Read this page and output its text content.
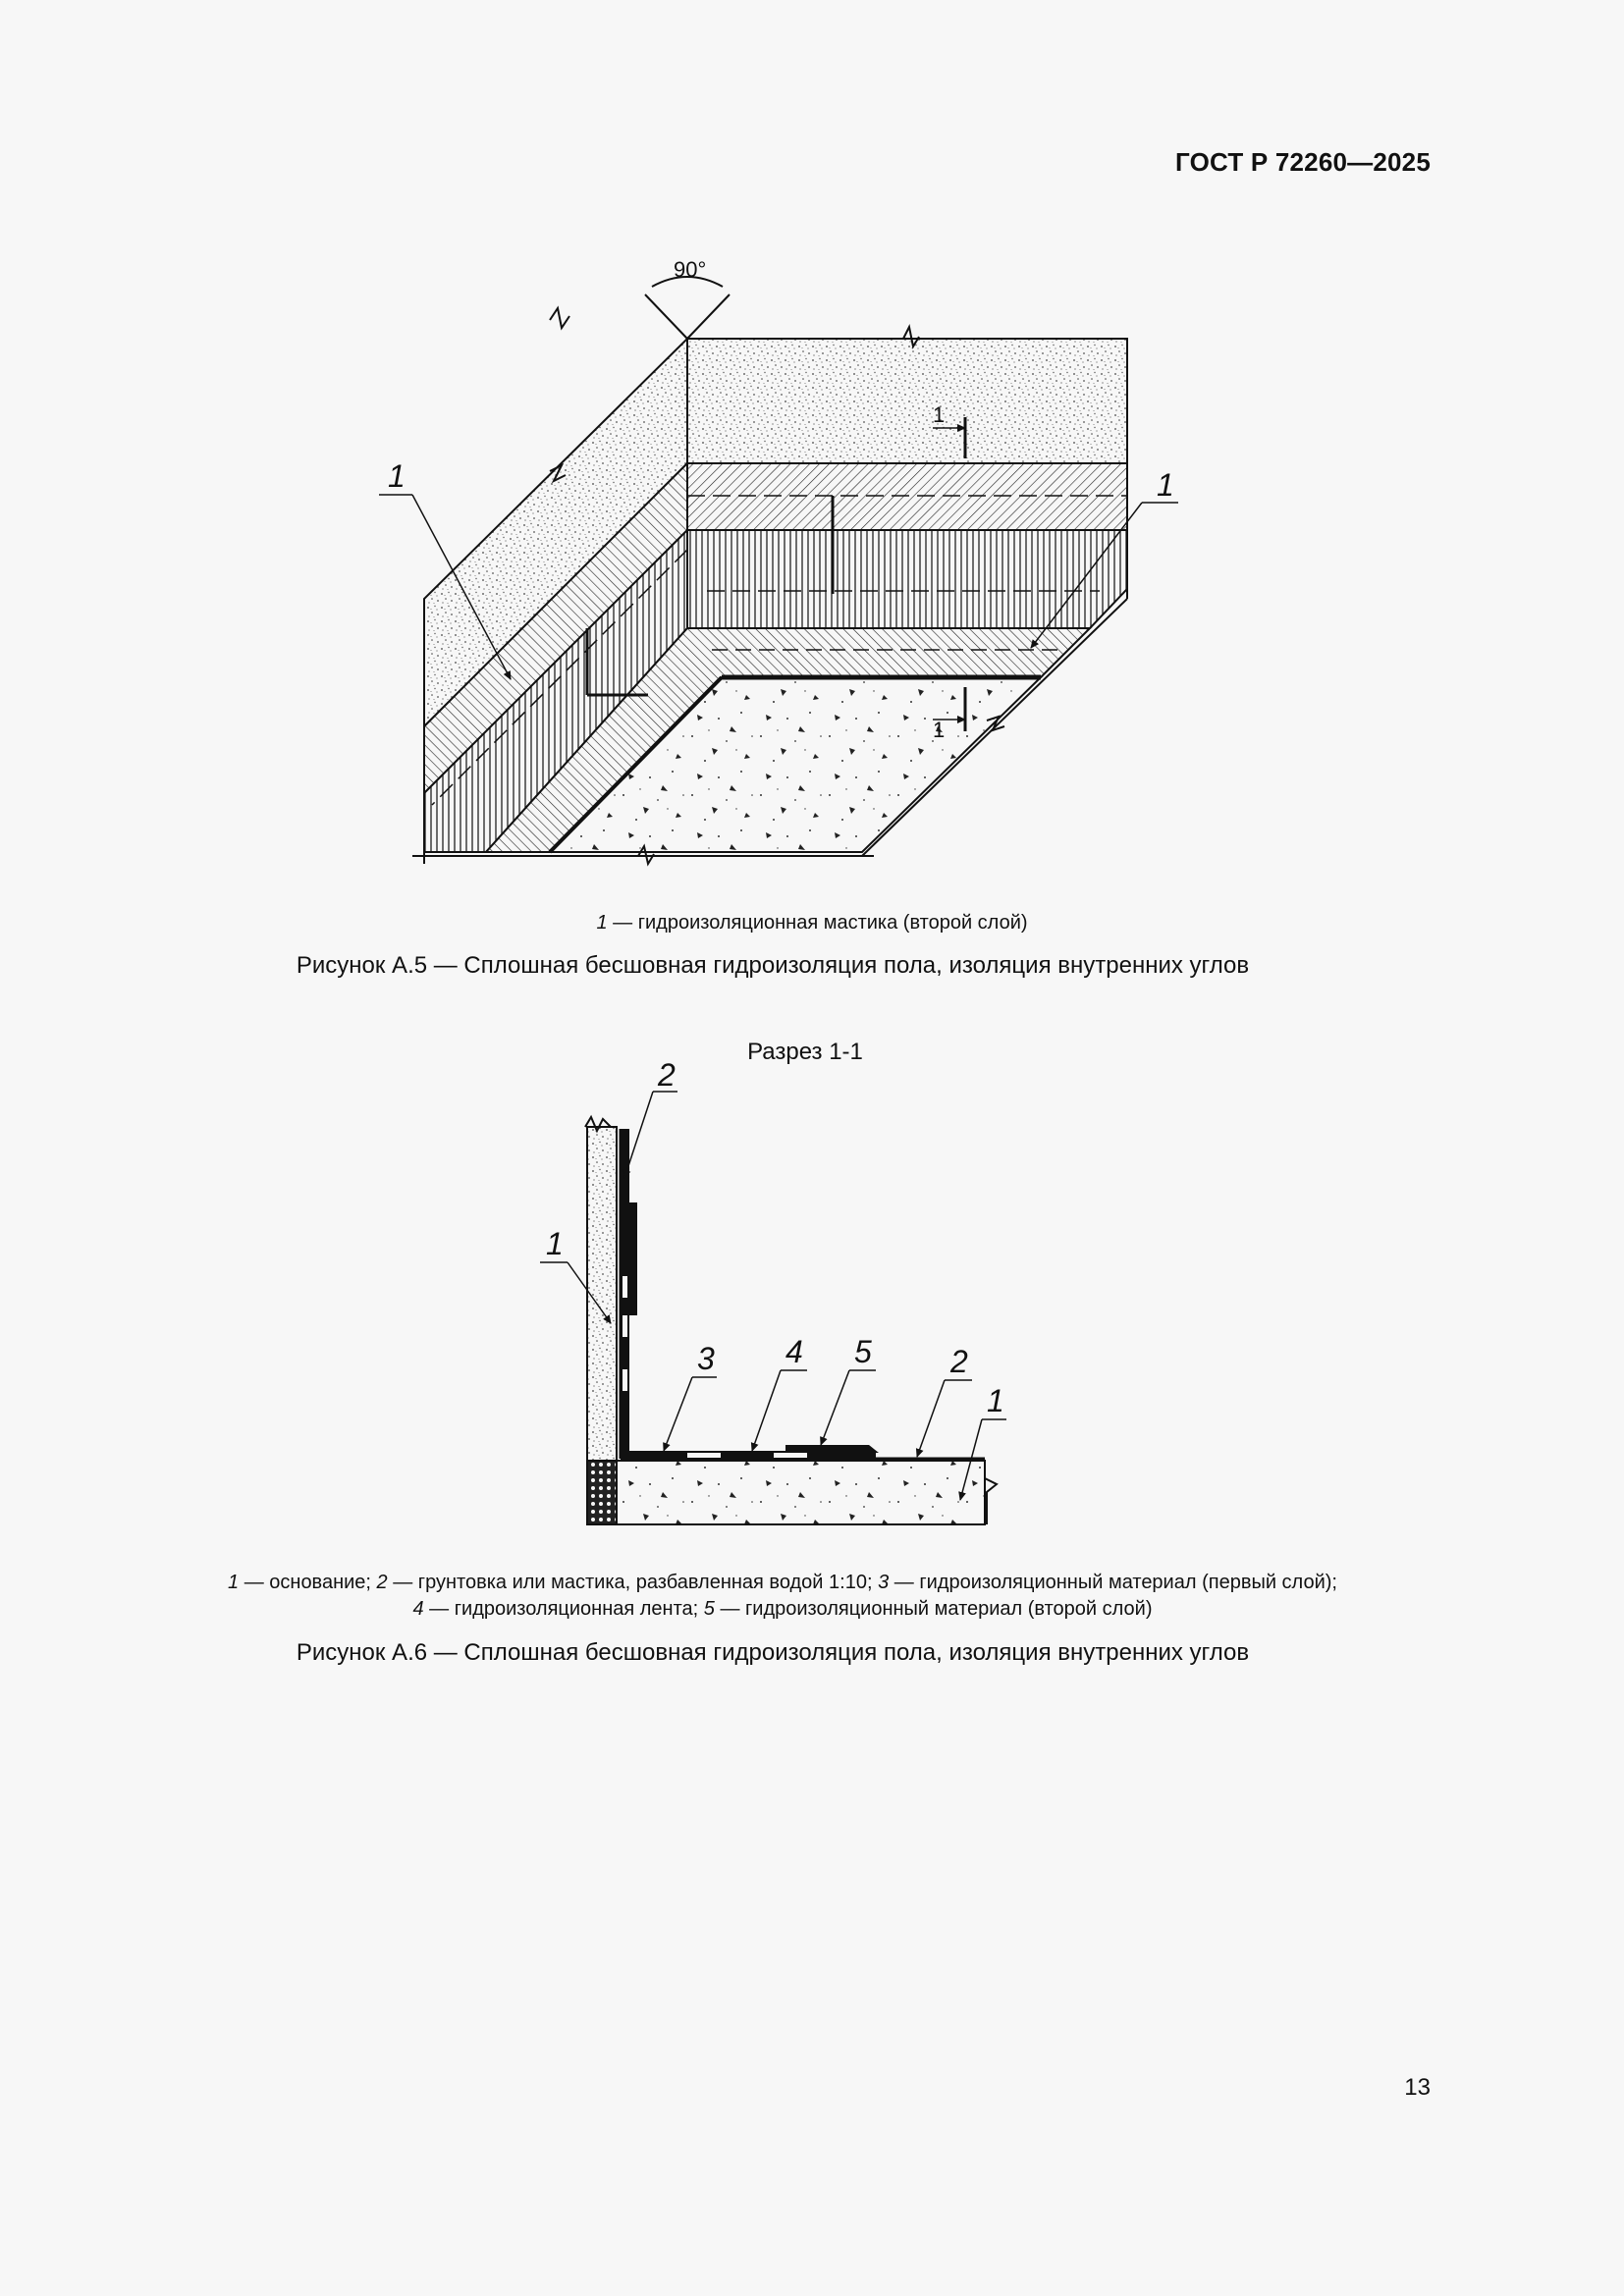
ГОСТ Р 72260—2025
90°
1
1
1	1
2
1
3 4 5	2
1
1 — гидроизоляционная мастика (второй слой)
Рисунок А.5 — Сплошная бесшовная гидроизоляция пола, изоляция внутренних углов
Разрез 1-1
1 — основание; 2 — грунтовка или мастика, разбавленная водой 1:10; 3 — гидроизоляционный материал (первый слой); 4 — гидроизоляционная лента; 5 — гидроизоляционный материал (второй слой)
Рисунок А.6 — Сплошная бесшовная гидроизоляция пола, изоляция внутренних углов
13
